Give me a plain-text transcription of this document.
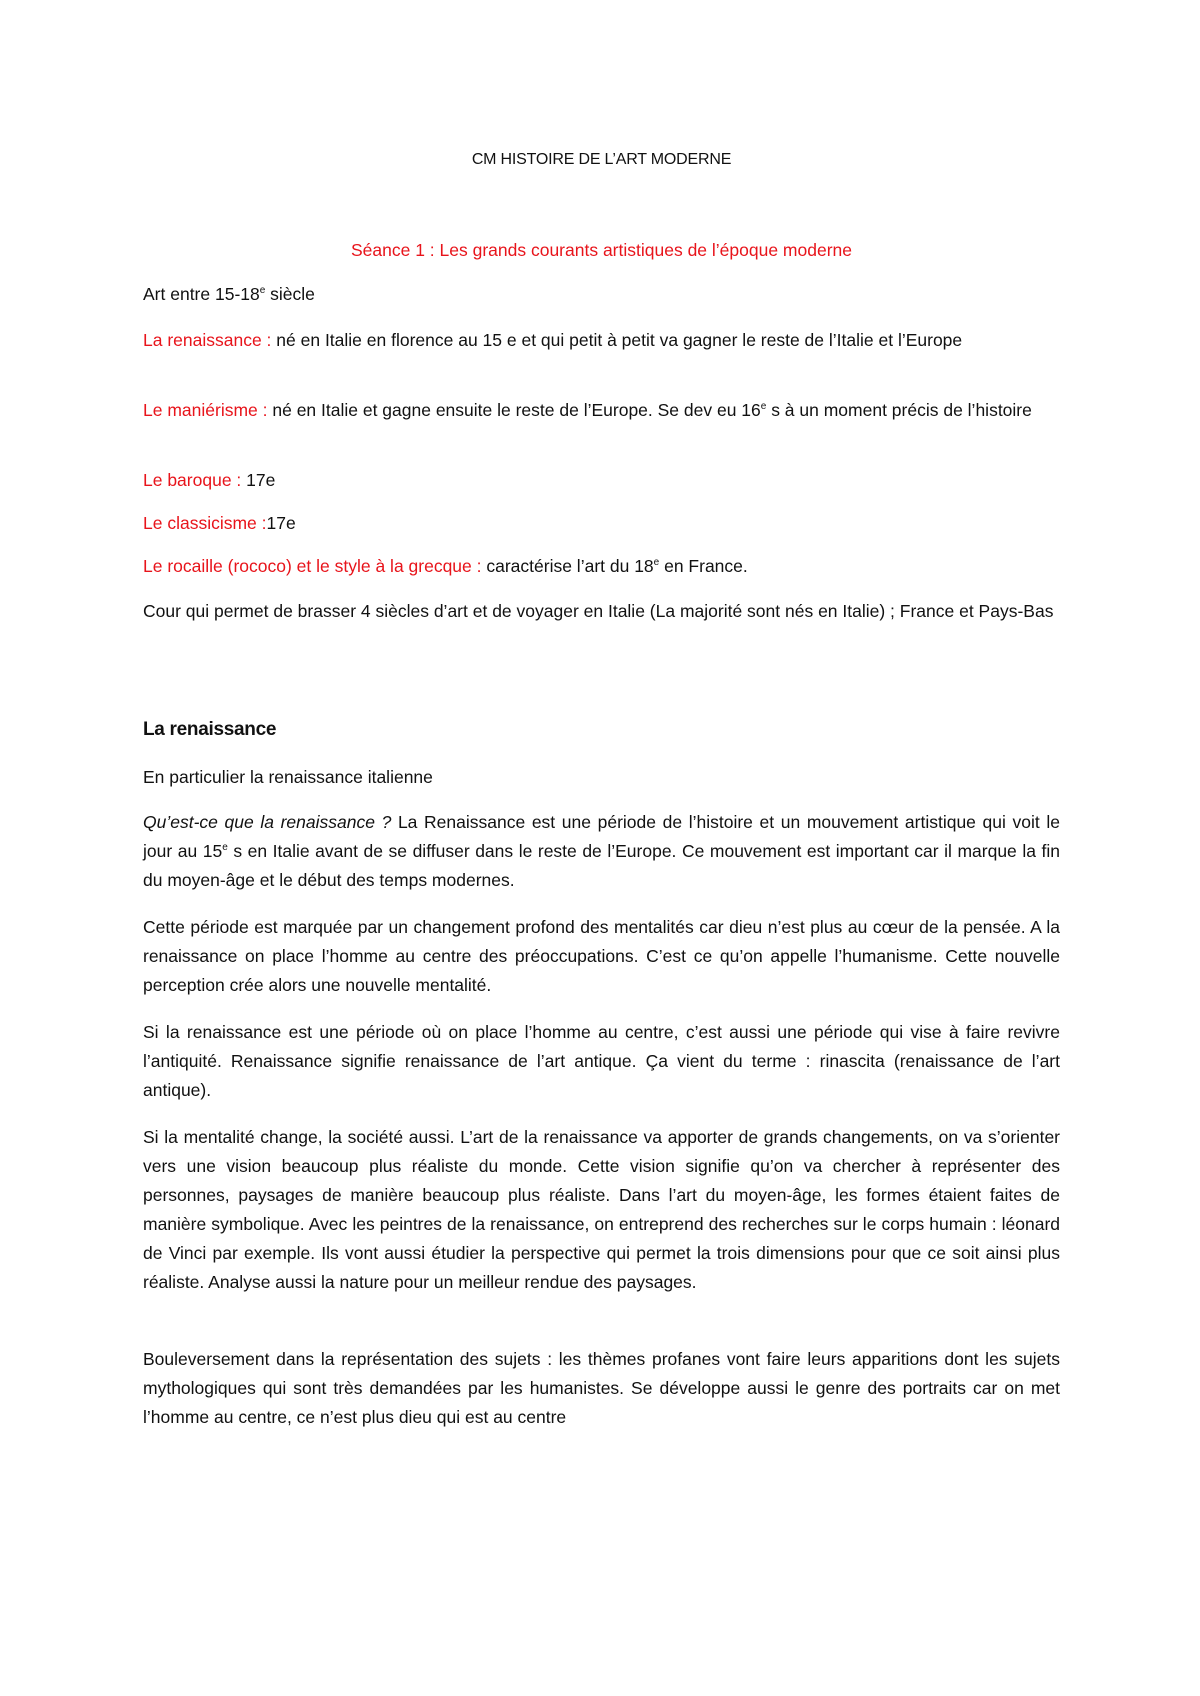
CM HISTOIRE DE L’ART MODERNE
Séance 1 : Les grands courants artistiques de l’époque moderne

Art entre 15-18e siècle

La renaissance : né en Italie en florence au 15 e et qui petit à petit va gagner le reste de l’Italie et l’Europe

Le maniérisme : né en Italie et gagne ensuite le reste de l’Europe. Se dev eu 16e s à un moment précis de l’histoire

Le baroque : 17e

Le classicisme :17e

Le rocaille (rococo) et le style à la grecque : caractérise l’art du 18e en France.

Cour qui permet de brasser 4 siècles d’art et de voyager en Italie (La majorité sont nés en Italie) ; France et Pays-Bas

La renaissance

En particulier la renaissance italienne

Qu’est-ce que la renaissance ? La Renaissance est une période de l’histoire et un mouvement artistique qui voit le jour au 15e s en Italie avant de se diffuser dans le reste de l’Europe. Ce mouvement est important car il marque la fin du moyen-âge et le début des temps modernes.

Cette période est marquée par un changement profond des mentalités car dieu n’est plus au cœur de la pensée. A la renaissance on place l’homme au centre des préoccupations. C’est ce qu’on appelle l’humanisme. Cette nouvelle perception crée alors une nouvelle mentalité.

Si la renaissance est une période où on place l’homme au centre, c’est aussi une période qui vise à faire revivre l’antiquité. Renaissance signifie renaissance de l’art antique. Ça vient du terme : rinascita (renaissance de l’art antique).

Si la mentalité change, la société aussi. L’art de la renaissance va apporter de grands changements, on va s’orienter vers une vision beaucoup plus réaliste du monde. Cette vision signifie qu’on va chercher à représenter des personnes, paysages de manière beaucoup plus réaliste. Dans l’art du moyen-âge, les formes étaient faites de manière symbolique. Avec les peintres de la renaissance, on entreprend des recherches sur le corps humain : léonard de Vinci par exemple. Ils vont aussi étudier la perspective qui permet la trois dimensions pour que ce soit ainsi plus réaliste. Analyse aussi la nature pour un meilleur rendue des paysages.

Bouleversement dans la représentation des sujets : les thèmes profanes vont faire leurs apparitions dont les sujets mythologiques qui sont très demandées par les humanistes. Se développe aussi le genre des portraits car on met l’homme au centre, ce n’est plus dieu qui est au centre
